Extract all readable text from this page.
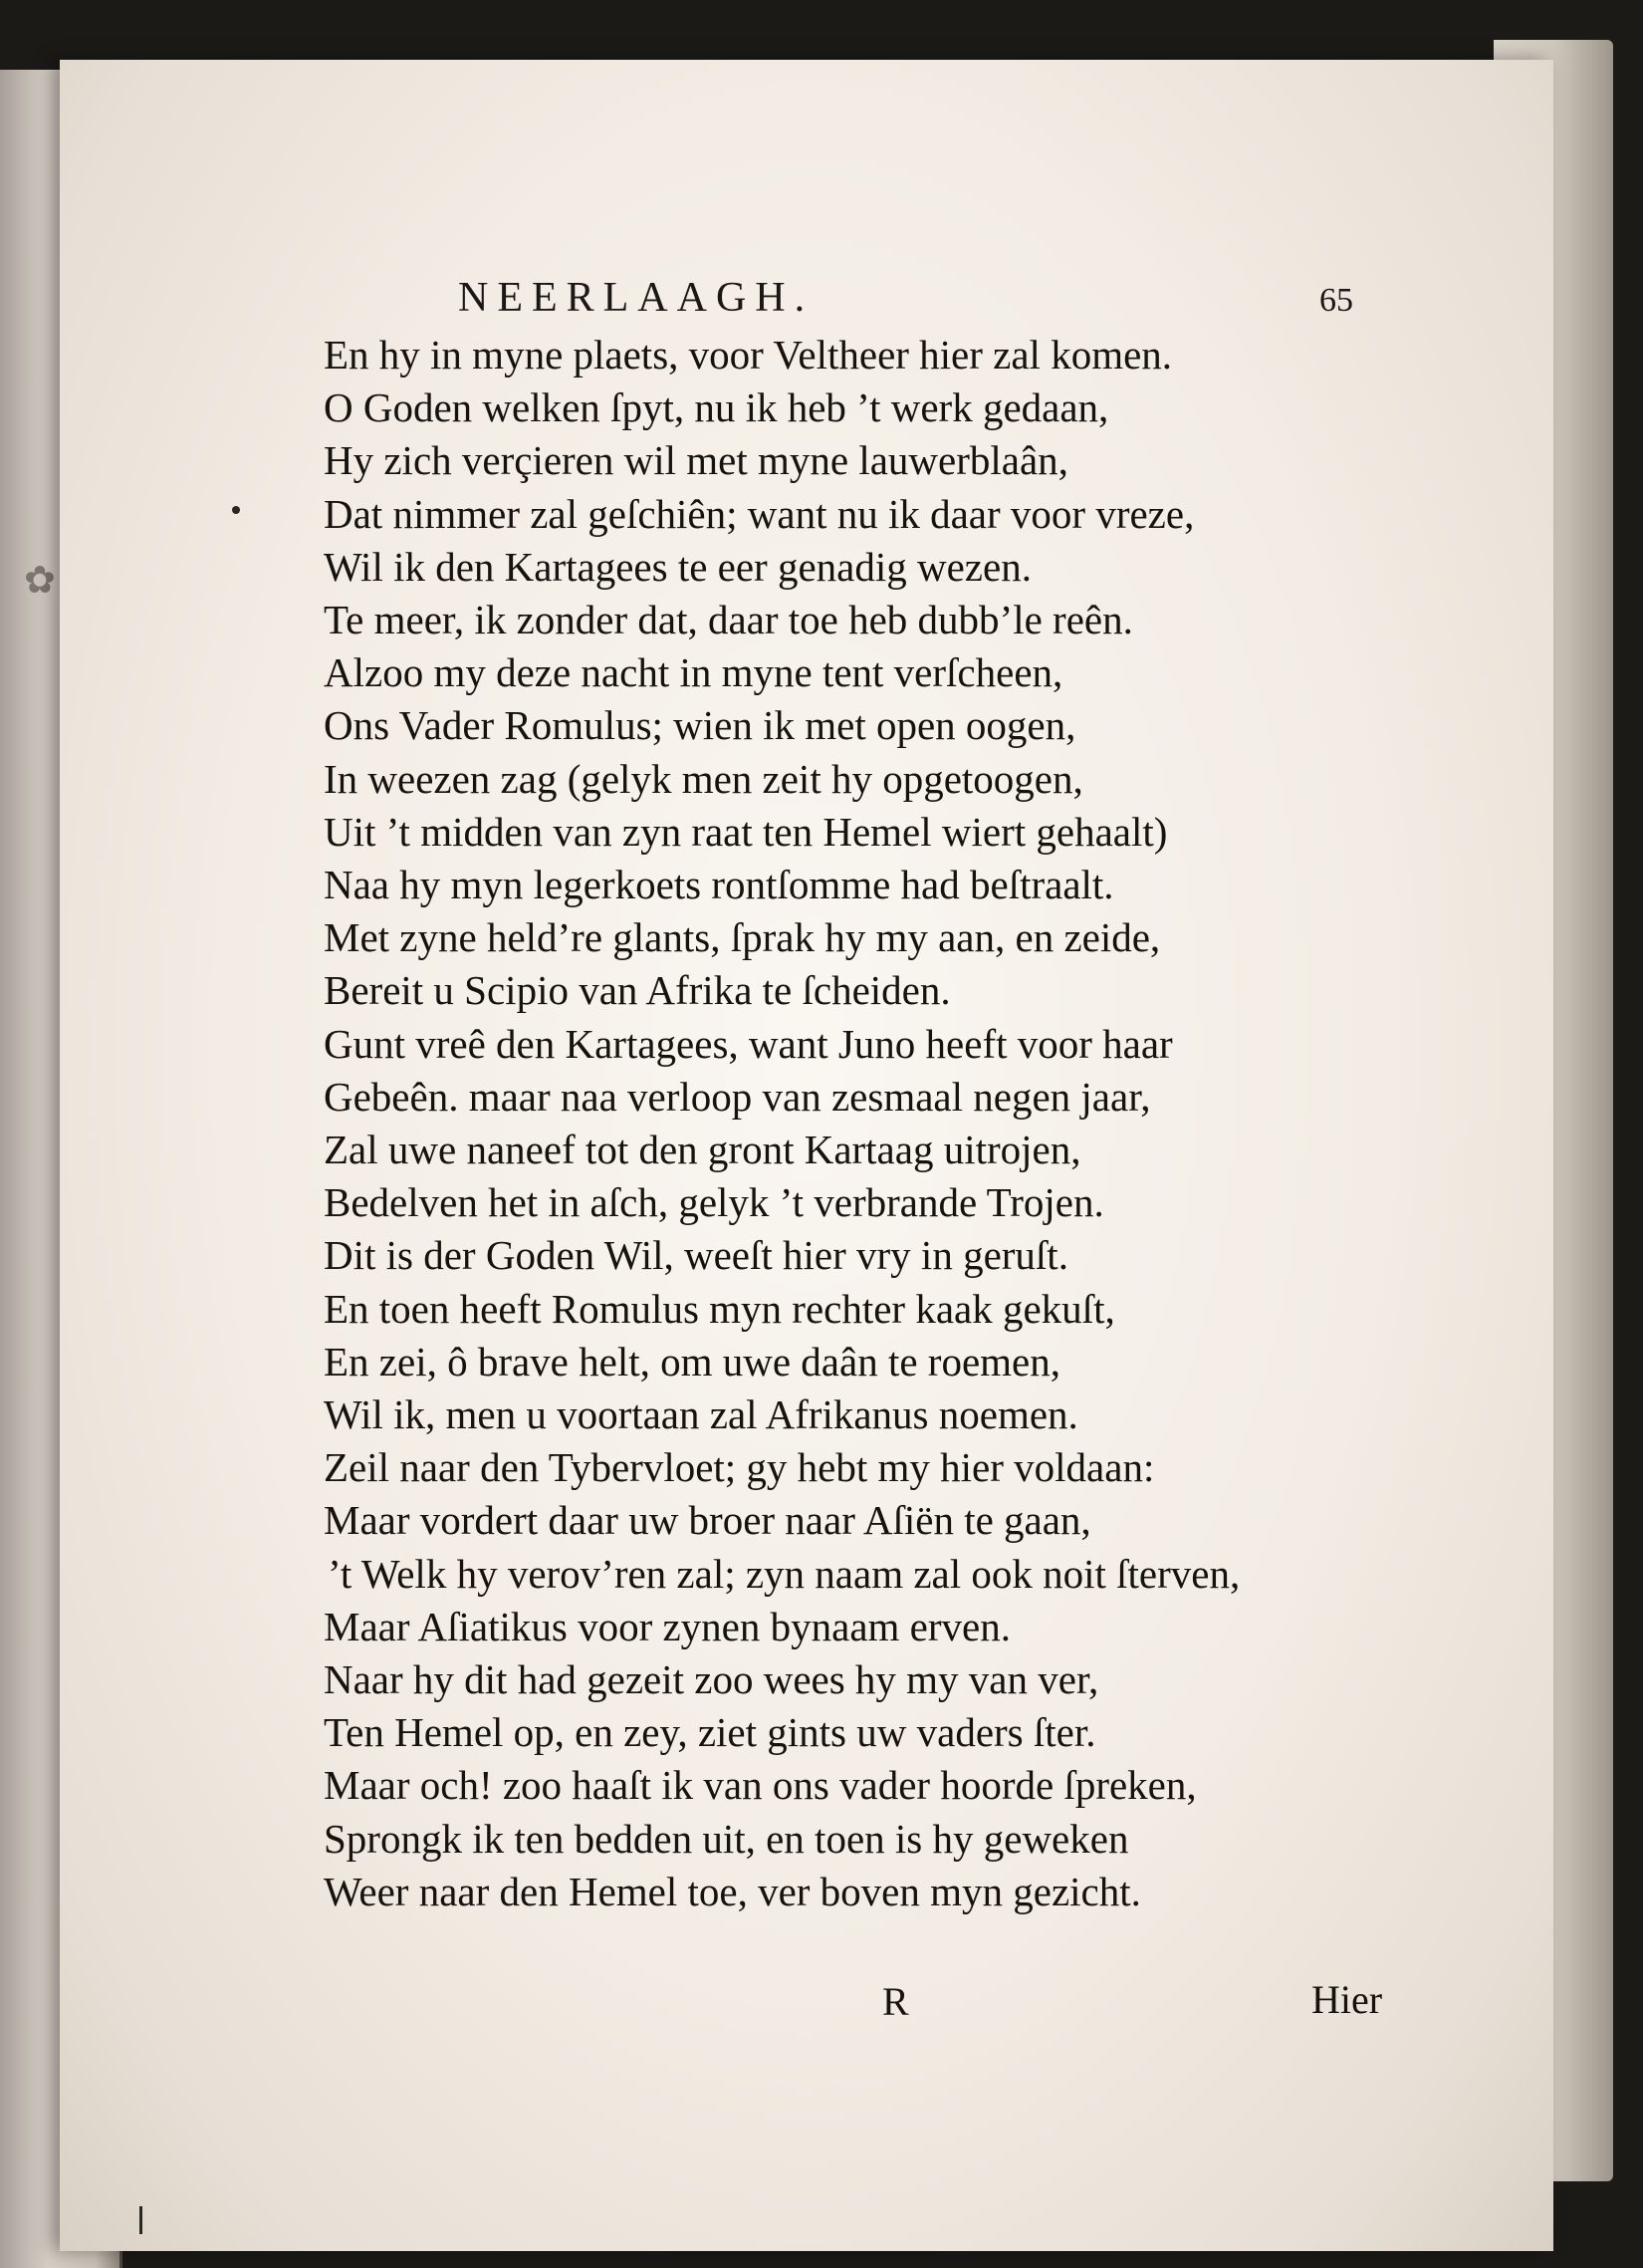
✿
NEERLAAGH.	65
En hy in myne plaets, voor Veltheer hier zal komen.
O Goden welken ſpyt, nu ik heb ’t werk gedaan,
Hy zich verçieren wil met myne lauwerblaân,
Dat nimmer zal geſchiên; want nu ik daar voor vreze,
Wil ik den Kartagees te eer genadig wezen.
Te meer, ik zonder dat, daar toe heb dubb’le reên.
Alzoo my deze nacht in myne tent verſcheen,
Ons Vader Romulus; wien ik met open oogen,
In weezen zag (gelyk men zeit hy opgetoogen,
Uit ’t midden van zyn raat ten Hemel wiert gehaalt)
Naa hy myn legerkoets rontſomme had beſtraalt.
Met zyne held’re glants, ſprak hy my aan, en zeide,
Bereit u Scipio van Afrika te ſcheiden.
Gunt vreê den Kartagees, want Juno heeft voor haar
Gebeên. maar naa verloop van zesmaal negen jaar,
Zal uwe naneef tot den gront Kartaag uitrojen,
Bedelven het in aſch, gelyk ’t verbrande Trojen.
Dit is der Goden Wil, weeſt hier vry in geruſt.
En toen heeft Romulus myn rechter kaak gekuſt,
En zei, ô brave helt, om uwe daân te roemen,
Wil ik, men u voortaan zal Afrikanus noemen.
Zeil naar den Tybervloet; gy hebt my hier voldaan:
Maar vordert daar uw broer naar Aſiën te gaan,
’t Welk hy verov’ren zal; zyn naam zal ook noit ſterven,
Maar Aſiatikus voor zynen bynaam erven.
Naar hy dit had gezeit zoo wees hy my van ver,
Ten Hemel op, en zey, ziet gints uw vaders ſter.
Maar och! zoo haaſt ik van ons vader hoorde ſpreken,
Sprongk ik ten bedden uit, en toen is hy geweken
Weer naar den Hemel toe, ver boven myn gezicht.
R	Hier
